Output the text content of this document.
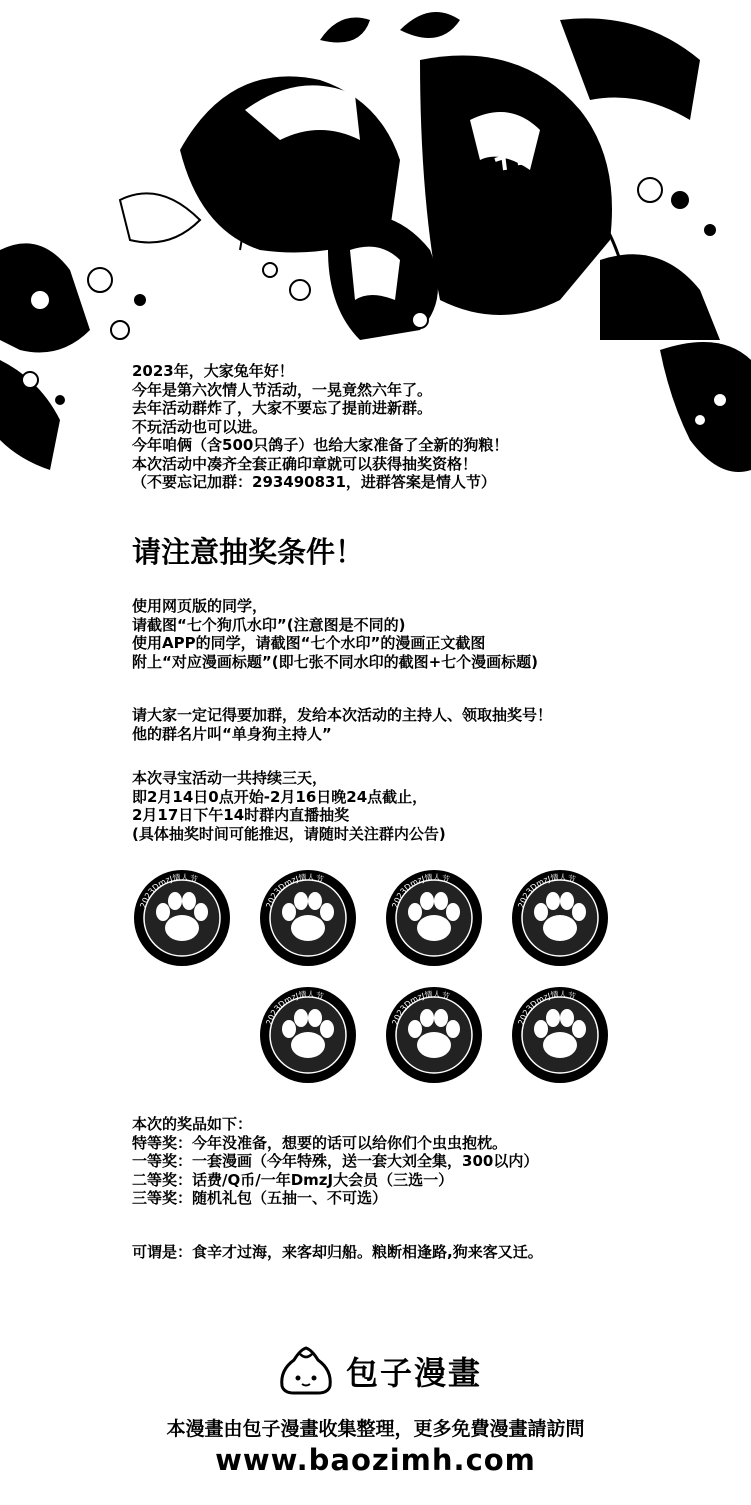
2023年，大家兔年好！
今年是第六次情人节活动，一晃竟然六年了。
去年活动群炸了，大家不要忘了提前进新群。
不玩活动也可以进。
今年咱俩（含500只鸽子）也给大家准备了全新的狗粮！
本次活动中凑齐全套正确印章就可以获得抽奖资格！
（不要忘记加群：293490831，进群答案是情人节）
请注意抽奖条件！
使用网页版的同学，
请截图“七个狗爪水印”(注意图是不同的)
使用APP的同学，请截图“七个水印”的漫画正文截图
附上“对应漫画标题”(即七张不同水印的截图+七个漫画标题)
请大家一定记得要加群，发给本次活动的主持人、领取抽奖号！
他的群名片叫“单身狗主持人”
本次寻宝活动一共持续三天，
即2月14日0点开始-2月16日晚24点截止，
2月17日下午14时群内直播抽奖
(具体抽奖时间可能推迟，请随时关注群内公告)
2023DmzJ情人节
2023DmzJ情人节
2023DmzJ情人节
2023DmzJ情人节
2023DmzJ情人节
2023DmzJ情人节
2023DmzJ情人节
本次的奖品如下：
特等奖：今年没准备，想要的话可以给你们个虫虫抱枕。
一等奖：一套漫画（今年特殊，送一套大刘全集，300以内）
二等奖：话费/Q币/一年DmzJ大会员（三选一）
三等奖：随机礼包（五抽一、不可选）
可谓是：食辛才过海，来客却归船。粮断相逢路,狗来客又迁。
包子漫畫
本漫畫由包子漫畫收集整理，更多免費漫畫請訪問
www.baozimh.com
